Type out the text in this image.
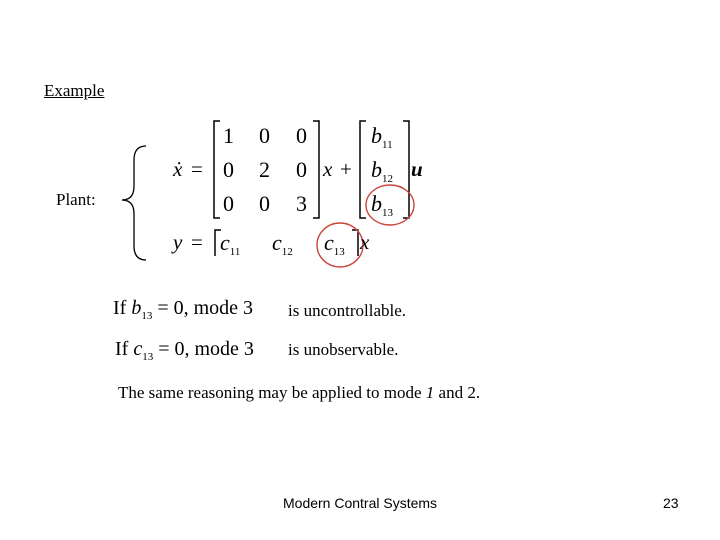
Example
Plant:
ẋ =
1 0 0
0 2 0
0 0 3
x +
$b_{11}$
$b_{12}$
$b_{13}$
u
$y = c_{11}$ $c_{12}$ $c_{13}$ x
If $b_{13} = 0$, mode 3 is uncontrollable.
If $c_{13} = 0$, mode 3 is unobservable.
The same reasoning may be applied to mode 1 and 2.
Modern Contral Systems	23
